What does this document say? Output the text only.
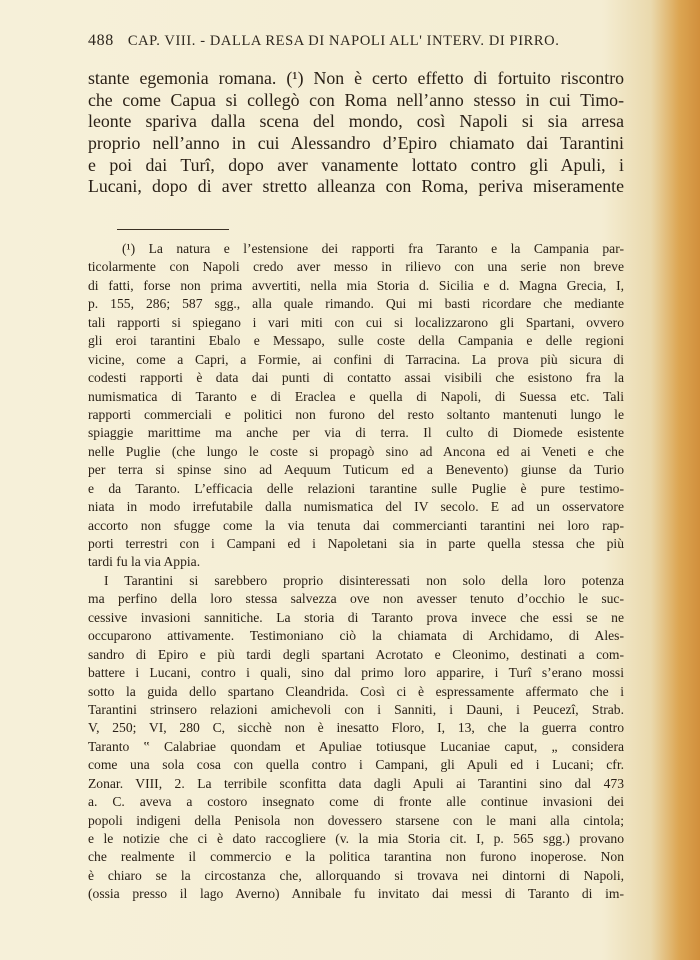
488 CAP. VIII. - DALLA RESA DI NAPOLI ALL' INTERV. DI PIRRO.
stante egemonia romana. (¹) Non è certo effetto di fortuito riscontro
che come Capua si collegò con Roma nell’anno stesso in cui Timo-
leonte spariva dalla scena del mondo, così Napoli si sia arresa
proprio nell’anno in cui Alessandro d’Epiro chiamato dai Tarantini
e poi dai Turî, dopo aver vanamente lottato contro gli Apuli, i
Lucani, dopo di aver stretto alleanza con Roma, periva miseramente
(¹) La natura e l’estensione dei rapporti fra Taranto e la Campania par-
ticolarmente con Napoli credo aver messo in rilievo con una serie non breve
di fatti, forse non prima avvertiti, nella mia Storia d. Sicilia e d. Magna Grecia, I,
p. 155, 286; 587 sgg., alla quale rimando. Qui mi basti ricordare che mediante
tali rapporti si spiegano i vari miti con cui si localizzarono gli Spartani, ovvero
gli eroi tarantini Ebalo e Messapo, sulle coste della Campania e delle regioni
vicine, come a Capri, a Formie, ai confini di Tarracina. La prova più sicura di
codesti rapporti è data dai punti di contatto assai visibili che esistono fra la
numismatica di Taranto e di Eraclea e quella di Napoli, di Suessa etc. Tali
rapporti commerciali e politici non furono del resto soltanto mantenuti lungo le
spiaggie marittime ma anche per via di terra. Il culto di Diomede esistente
nelle Puglie (che lungo le coste si propagò sino ad Ancona ed ai Veneti e che
per terra si spinse sino ad Aequum Tuticum ed a Benevento) giunse da Turio
e da Taranto. L’efficacia delle relazioni tarantine sulle Puglie è pure testimo-
niata in modo irrefutabile dalla numismatica del IV secolo. E ad un osservatore
accorto non sfugge come la via tenuta dai commercianti tarantini nei loro rap-
porti terrestri con i Campani ed i Napoletani sia in parte quella stessa che più
tardi fu la via Appia.
I Tarantini si sarebbero proprio disinteressati non solo della loro potenza
ma perfino della loro stessa salvezza ove non avesser tenuto d’occhio le suc-
cessive invasioni sannitiche. La storia di Taranto prova invece che essi se ne
occuparono attivamente. Testimoniano ciò la chiamata di Archidamo, di Ales-
sandro di Epiro e più tardi degli spartani Acrotato e Cleonimo, destinati a com-
battere i Lucani, contro i quali, sino dal primo loro apparire, i Turî s’erano mossi
sotto la guida dello spartano Cleandrida. Così ci è espressamente affermato che i
Tarantini strinsero relazioni amichevoli con i Sanniti, i Dauni, i Peucezî, Strab.
V, 250; VI, 280 C, sicchè non è inesatto Floro, I, 13, che la guerra contro
Taranto ‟ Calabriae quondam et Apuliae totiusque Lucaniae caput, „ considera
come una sola cosa con quella contro i Campani, gli Apuli ed i Lucani; cfr.
Zonar. VIII, 2. La terribile sconfitta data dagli Apuli ai Tarantini sino dal 473
a. C. aveva a costoro insegnato come di fronte alle continue invasioni dei
popoli indigeni della Penisola non dovessero starsene con le mani alla cintola;
e le notizie che ci è dato raccogliere (v. la mia Storia cit. I, p. 565 sgg.) provano
che realmente il commercio e la politica tarantina non furono inoperose. Non
è chiaro se la circostanza che, allorquando si trovava nei dintorni di Napoli,
(ossia presso il lago Averno) Annibale fu invitato dai messi di Taranto di im-
